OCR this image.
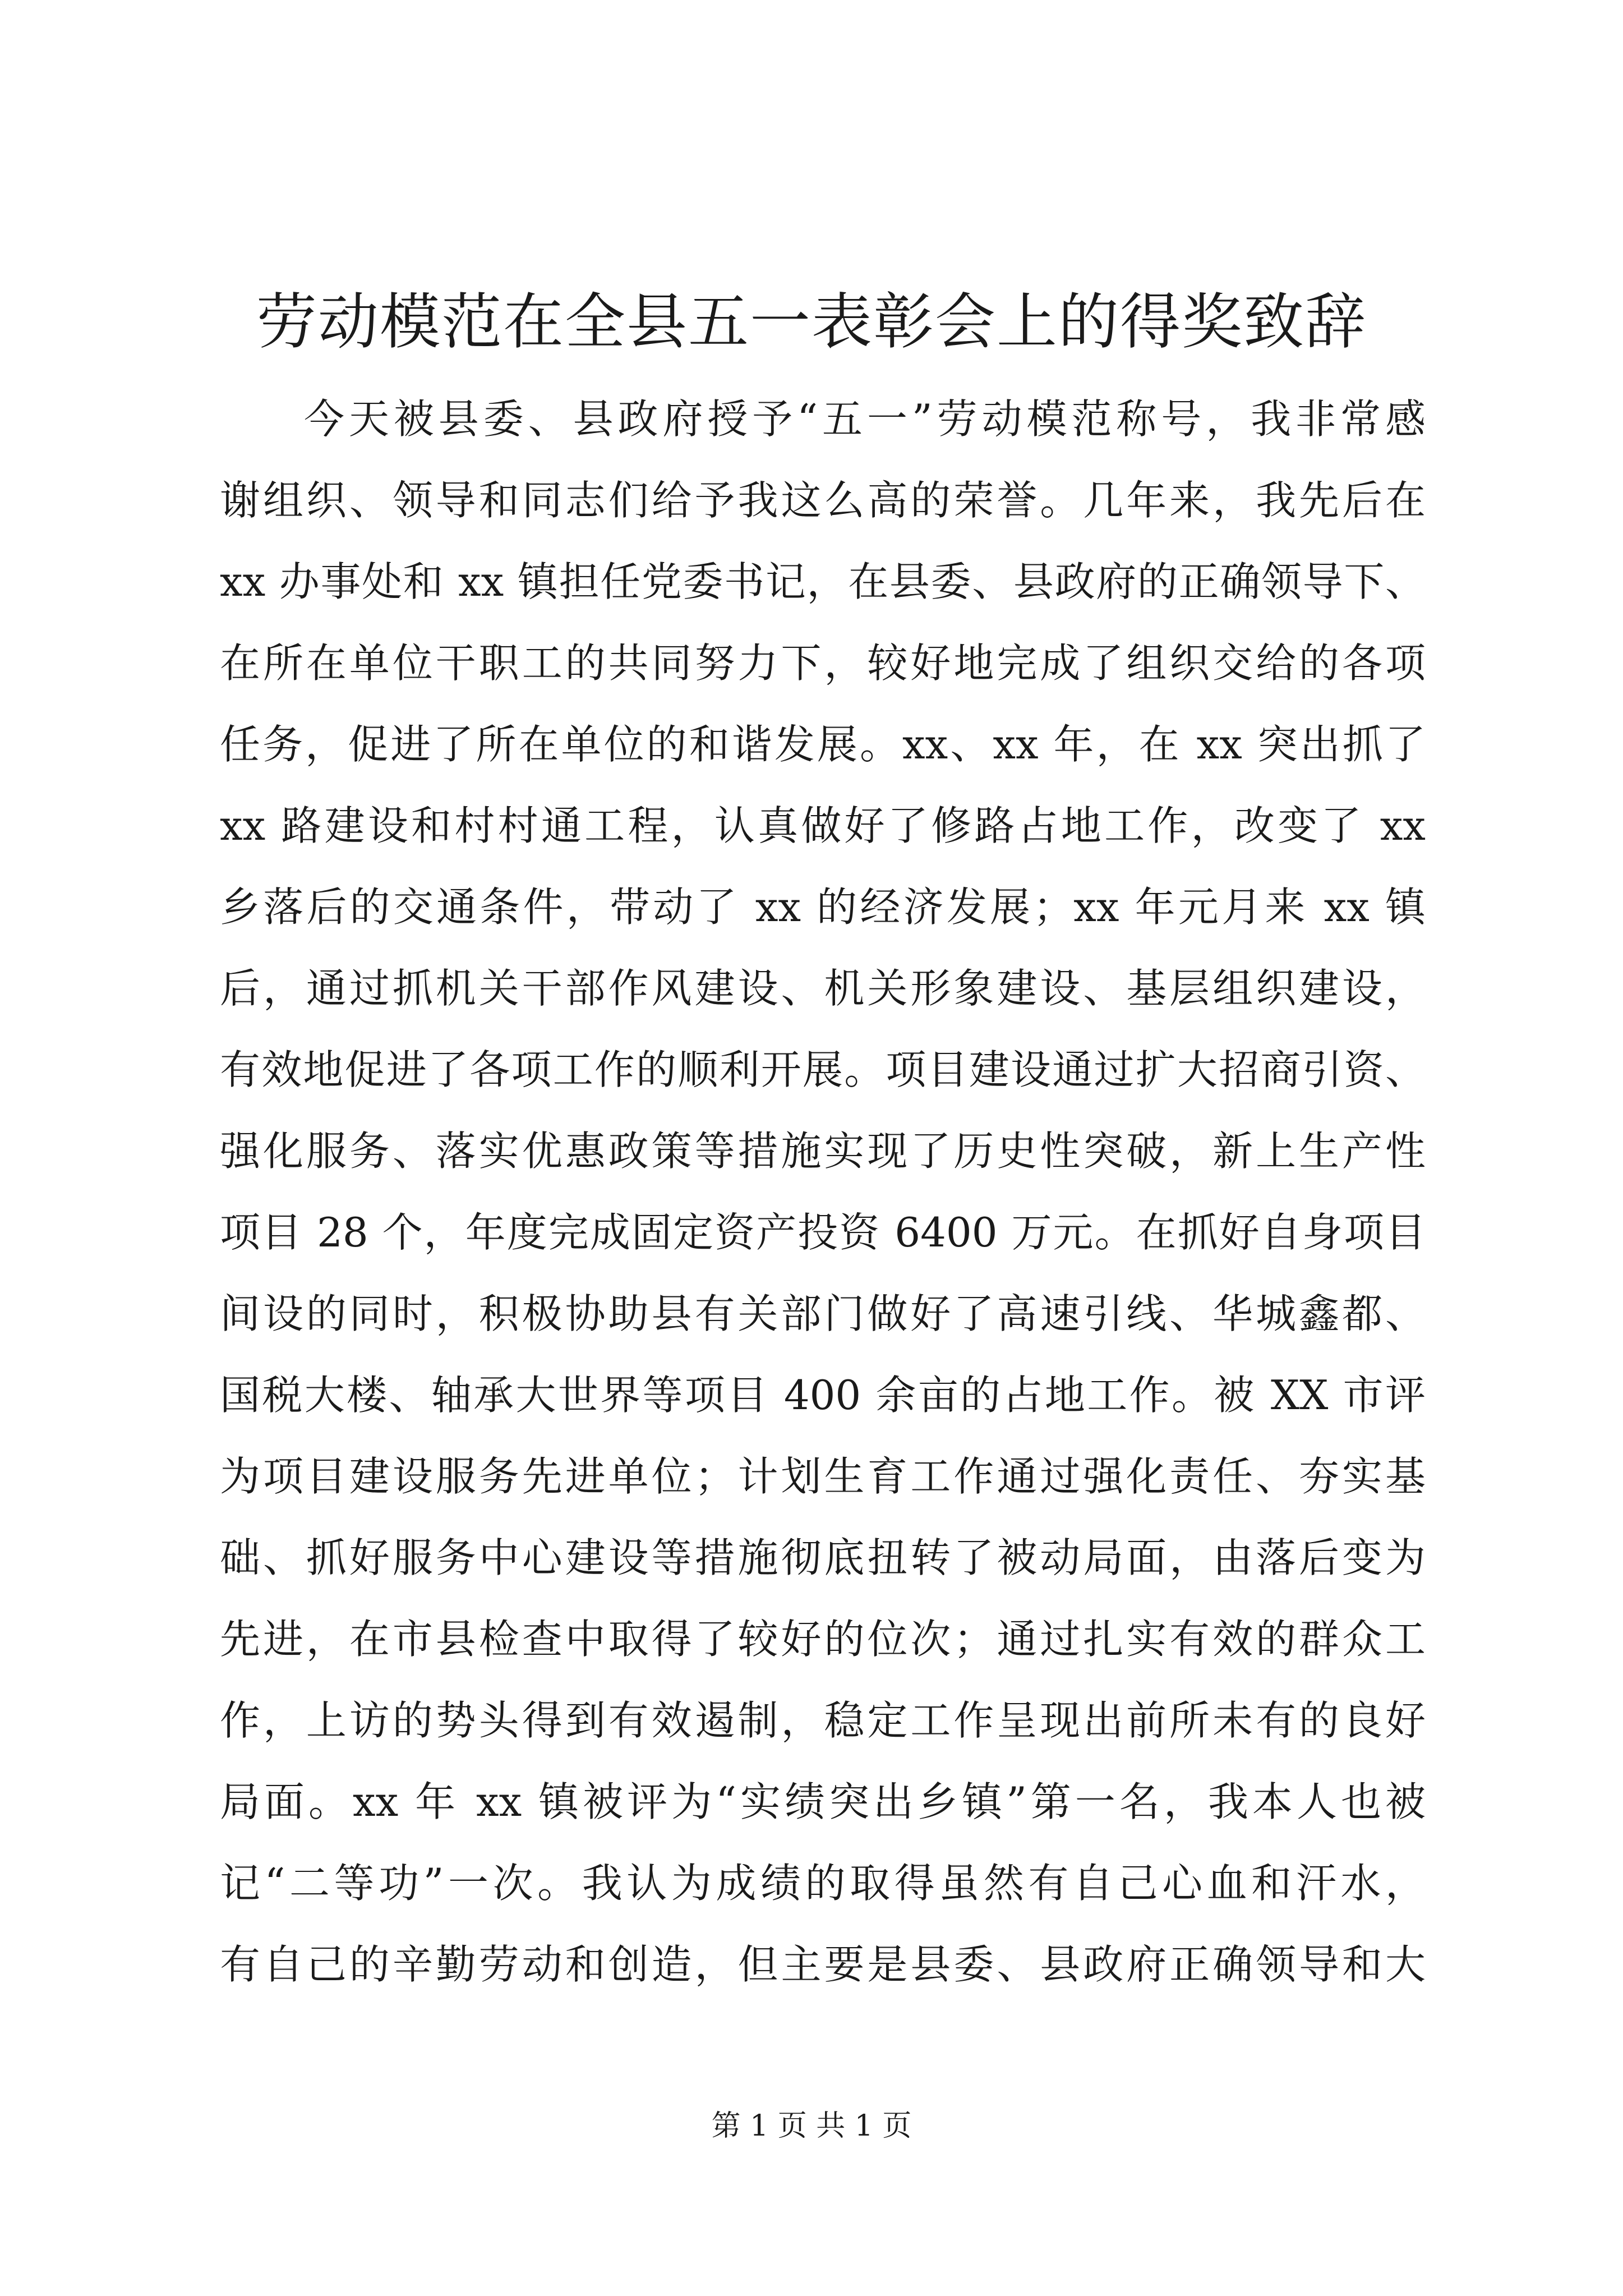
劳动模范在全县五一表彰会上的得奖致辞
今天被县委、县政府授予“五一”劳动模范称号，我非常感
谢组织、领导和同志们给予我这么高的荣誉。几年来，我先后在
xx 办事处和 xx 镇担任党委书记，在县委、县政府的正确领导下、
在所在单位干职工的共同努力下，较好地完成了组织交给的各项
任务，促进了所在单位的和谐发展。xx、xx 年，在 xx 突出抓了
xx 路建设和村村通工程，认真做好了修路占地工作，改变了 xx
乡落后的交通条件，带动了 xx 的经济发展；xx 年元月来 xx 镇
后，通过抓机关干部作风建设、机关形象建设、基层组织建设，
有效地促进了各项工作的顺利开展。项目建设通过扩大招商引资、
强化服务、落实优惠政策等措施实现了历史性突破，新上生产性
项目 28 个，年度完成固定资产投资 6400 万元。在抓好自身项目
间设的同时，积极协助县有关部门做好了高速引线、华城鑫都、
国税大楼、轴承大世界等项目 400 余亩的占地工作。被 XX 市评
为项目建设服务先进单位；计划生育工作通过强化责任、夯实基
础、抓好服务中心建设等措施彻底扭转了被动局面，由落后变为
先进，在市县检查中取得了较好的位次；通过扎实有效的群众工
作，上访的势头得到有效遏制，稳定工作呈现出前所未有的良好
局面。xx 年 xx 镇被评为“实绩突出乡镇”第一名，我本人也被
记“二等功”一次。我认为成绩的取得虽然有自己心血和汗水，
有自己的辛勤劳动和创造，但主要是县委、县政府正确领导和大
第 1 页 共 1 页
